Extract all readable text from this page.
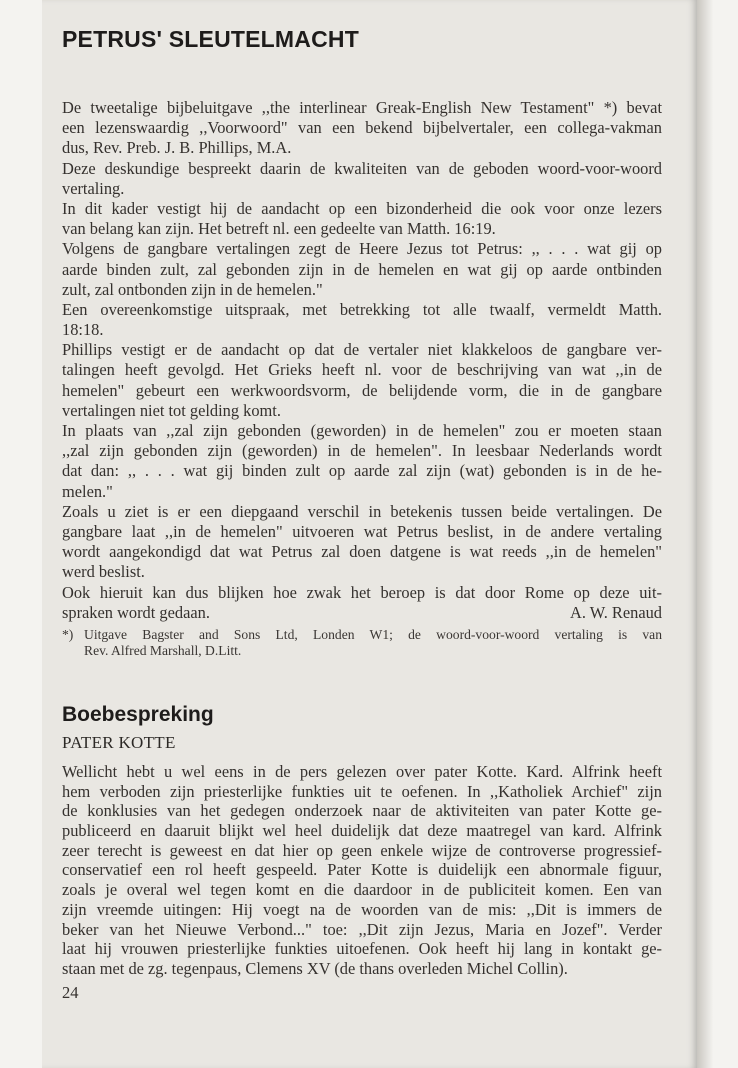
PETRUS' SLEUTELMACHT
De tweetalige bijbeluitgave ,,the interlinear Greak-English New Testament" *) bevat
een lezenswaardig ,,Voorwoord" van een bekend bijbelvertaler, een collega-vakman
dus, Rev. Preb. J. B. Phillips, M.A.
Deze deskundige bespreekt daarin de kwaliteiten van de geboden woord-voor-woord
vertaling.
In dit kader vestigt hij de aandacht op een bizonderheid die ook voor onze lezers
van belang kan zijn. Het betreft nl. een gedeelte van Matth. 16:19.
Volgens de gangbare vertalingen zegt de Heere Jezus tot Petrus: ,, . . . wat gij op
aarde binden zult, zal gebonden zijn in de hemelen en wat gij op aarde ontbinden
zult, zal ontbonden zijn in de hemelen."
Een overeenkomstige uitspraak, met betrekking tot alle twaalf, vermeldt Matth.
18:18.
Phillips vestigt er de aandacht op dat de vertaler niet klakkeloos de gangbare ver-
talingen heeft gevolgd. Het Grieks heeft nl. voor de beschrijving van wat ,,in de
hemelen" gebeurt een werkwoordsvorm, de belijdende vorm, die in de gangbare
vertalingen niet tot gelding komt.
In plaats van ,,zal zijn gebonden (geworden) in de hemelen" zou er moeten staan
,,zal zijn gebonden zijn (geworden) in de hemelen". In leesbaar Nederlands wordt
dat dan: ,, . . . wat gij binden zult op aarde zal zijn (wat) gebonden is in de he-
melen."
Zoals u ziet is er een diepgaand verschil in betekenis tussen beide vertalingen. De
gangbare laat ,,in de hemelen" uitvoeren wat Petrus beslist, in de andere vertaling
wordt aangekondigd dat wat Petrus zal doen datgene is wat reeds ,,in de hemelen"
werd beslist.
Ook hieruit kan dus blijken hoe zwak het beroep is dat door Rome op deze uit-
spraken wordt gedaan.	A. W. Renaud
*) Uitgave Bagster and Sons Ltd, Londen W1; de woord-voor-woord vertaling is van
Rev. Alfred Marshall, D.Litt.
Boebespreking
PATER KOTTE
Wellicht hebt u wel eens in de pers gelezen over pater Kotte. Kard. Alfrink heeft
hem verboden zijn priesterlijke funkties uit te oefenen. In ,,Katholiek Archief" zijn
de konklusies van het gedegen onderzoek naar de aktiviteiten van pater Kotte ge-
publiceerd en daaruit blijkt wel heel duidelijk dat deze maatregel van kard. Alfrink
zeer terecht is geweest en dat hier op geen enkele wijze de controverse progressief-
conservatief een rol heeft gespeeld. Pater Kotte is duidelijk een abnormale figuur,
zoals je overal wel tegen komt en die daardoor in de publiciteit komen. Een van
zijn vreemde uitingen: Hij voegt na de woorden van de mis: ,,Dit is immers de
beker van het Nieuwe Verbond..." toe: ,,Dit zijn Jezus, Maria en Jozef". Verder
laat hij vrouwen priesterlijke funkties uitoefenen. Ook heeft hij lang in kontakt ge-
staan met de zg. tegenpaus, Clemens XV (de thans overleden Michel Collin).
24
